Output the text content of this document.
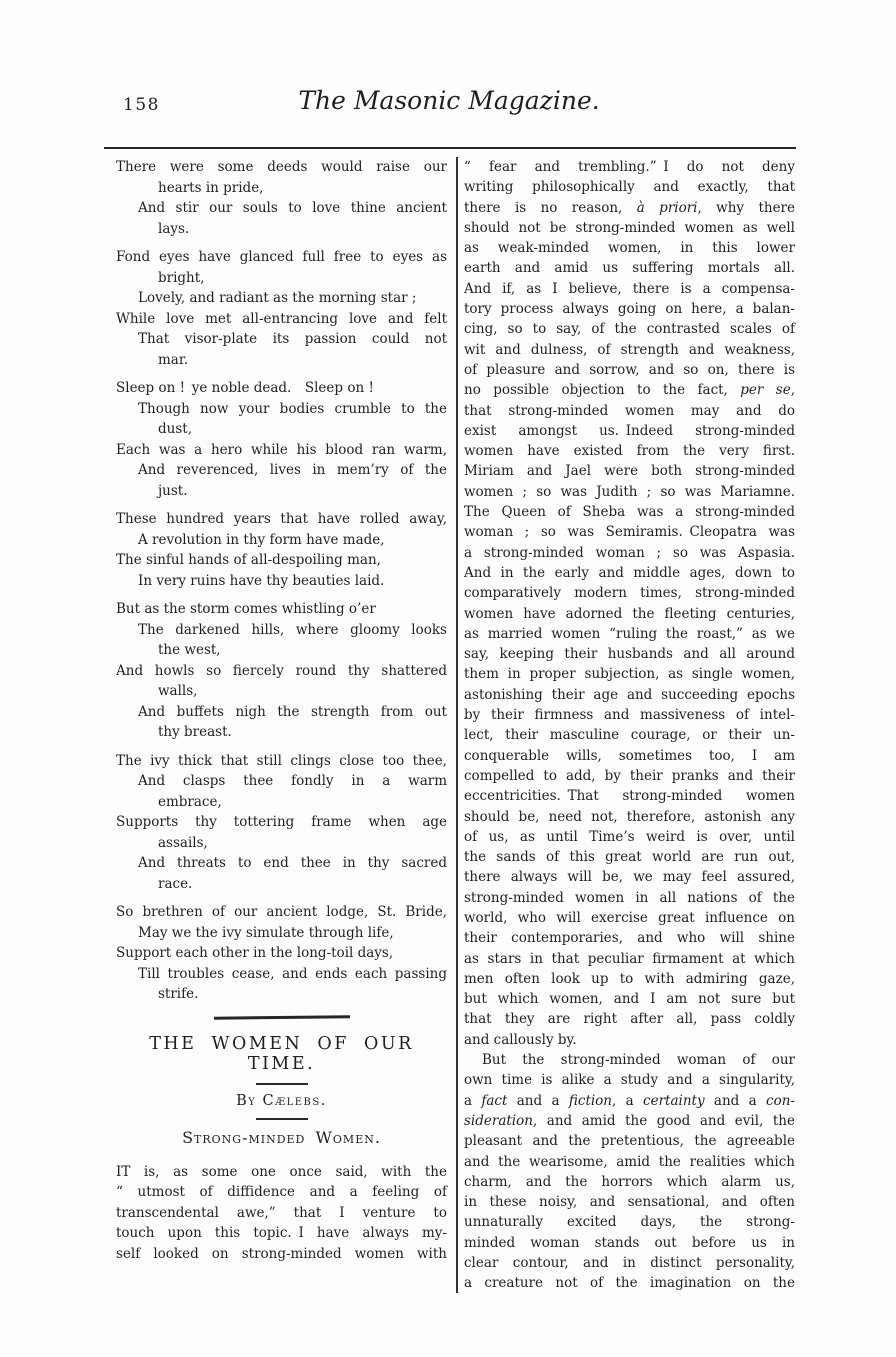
158	The Masonic Magazine.
There were some deeds would raise our
hearts in pride,
And stir our souls to love thine ancient
lays.
Fond eyes have glanced full free to eyes as
bright,
Lovely, and radiant as the morning star ;
While love met all-entrancing love and felt
That visor-plate its passion could not
mar.
Sleep on ! ye noble dead.  Sleep on !
Though now your bodies crumble to the
dust,
Each was a hero while his blood ran warm,
And reverenced, lives in mem’ry of the
just.
These hundred years that have rolled away,
A revolution in thy form have made,
The sinful hands of all-despoiling man,
In very ruins have thy beauties laid.
But as the storm comes whistling o’er
The darkened hills, where gloomy looks
the west,
And howls so fiercely round thy shattered
walls,
And buffets nigh the strength from out
thy breast.
The ivy thick that still clings close too thee,
And clasps thee fondly in a warm
embrace,
Supports thy tottering frame when age
assails,
And threats to end thee in thy sacred
race.
So brethren of our ancient lodge, St. Bride,
May we the ivy simulate through life,
Support each other in the long-toil days,
Till troubles cease, and ends each passing
strife.
THE WOMEN OF OUR TIME.
By Cælebs.
Strong-minded Women.
IT is, as some one once said, with the
“ utmost of diffidence and a feeling of
transcendental awe,” that I venture to
touch upon this topic. I have always my-
self looked on strong-minded women with
“ fear and trembling.” I do not deny
writing philosophically and exactly, that
there is no reason, à priori, why there
should not be strong-minded women as well
as weak-minded women, in this lower
earth and amid us suffering mortals all.
And if, as I believe, there is a compensa-
tory process always going on here, a balan-
cing, so to say, of the contrasted scales of
wit and dulness, of strength and weakness,
of pleasure and sorrow, and so on, there is
no possible objection to the fact, per se,
that strong-minded women may and do
exist amongst us. Indeed strong-minded
women have existed from the very first.
Miriam and Jael were both strong-minded
women ; so was Judith ; so was Mariamne.
The Queen of Sheba was a strong-minded
woman ; so was Semiramis. Cleopatra was
a strong-minded woman ; so was Aspasia.
And in the early and middle ages, down to
comparatively modern times, strong-minded
women have adorned the fleeting centuries,
as married women “ruling the roast,” as we
say, keeping their husbands and all around
them in proper subjection, as single women,
astonishing their age and succeeding epochs
by their firmness and massiveness of intel-
lect, their masculine courage, or their un-
conquerable wills, sometimes too, I am
compelled to add, by their pranks and their
eccentricities. That strong-minded women
should be, need not, therefore, astonish any
of us, as until Time’s weird is over, until
the sands of this great world are run out,
there always will be, we may feel assured,
strong-minded women in all nations of the
world, who will exercise great influence on
their contemporaries, and who will shine
as stars in that peculiar firmament at which
men often look up to with admiring gaze,
but which women, and I am not sure but
that they are right after all, pass coldly
and callously by.
But the strong-minded woman of our
own time is alike a study and a singularity,
a fact and a fiction, a certainty and a con-
sideration, and amid the good and evil, the
pleasant and the pretentious, the agreeable
and the wearisome, amid the realities which
charm, and the horrors which alarm us,
in these noisy, and sensational, and often
unnaturally excited days, the strong-
minded woman stands out before us in
clear contour, and in distinct personality,
a creature not of the imagination on the
